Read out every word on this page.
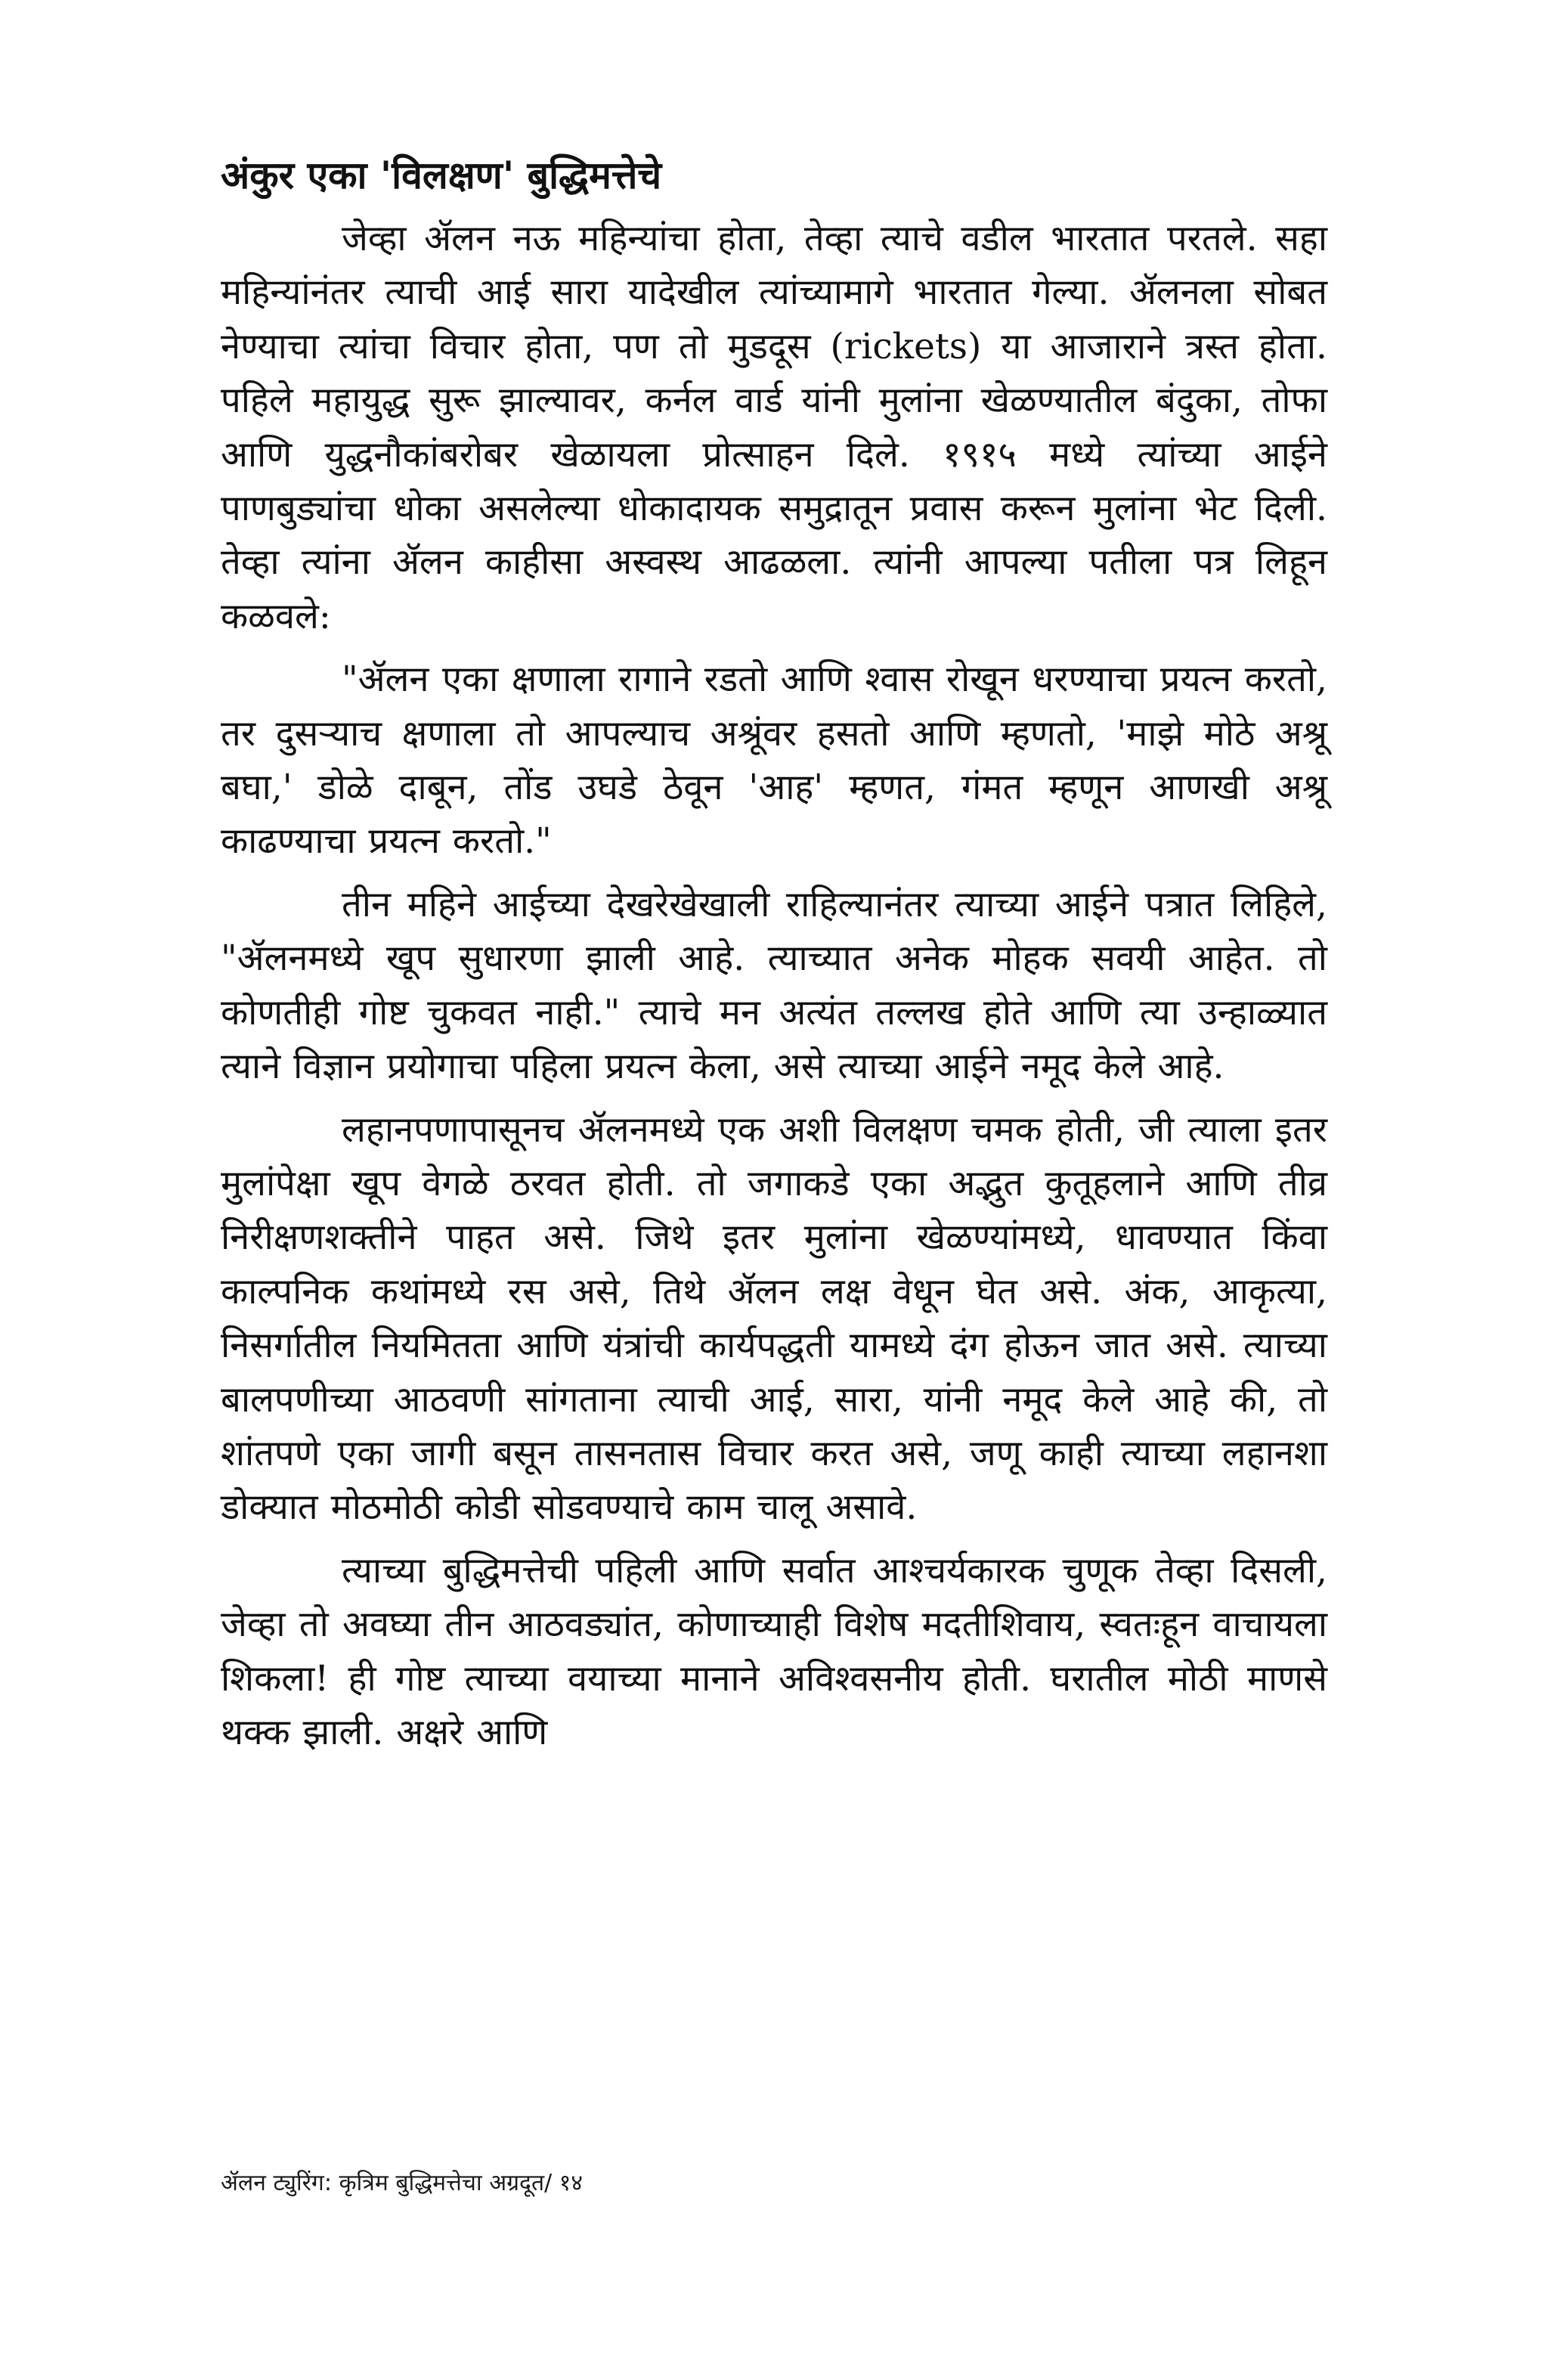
अंकुर एका 'विलक्षण' बुद्धिमत्तेचे

जेव्हा ॲलन नऊ महिन्यांचा होता, तेव्हा त्याचे वडील भारतात परतले. सहा महिन्यांनंतर त्याची आई सारा यादेखील त्यांच्यामागे भारतात गेल्या. ॲलनला सोबत नेण्याचा त्यांचा विचार होता, पण तो मुडदूस (rickets) या आजाराने त्रस्त होता. पहिले महायुद्ध सुरू झाल्यावर, कर्नल वार्ड यांनी मुलांना खेळण्यातील बंदुका, तोफा आणि युद्धनौकांबरोबर खेळायला प्रोत्साहन दिले. १९१५ मध्ये त्यांच्या आईने पाणबुड्यांचा धोका असलेल्या धोकादायक समुद्रातून प्रवास करून मुलांना भेट दिली. तेव्हा त्यांना ॲलन काहीसा अस्वस्थ आढळला. त्यांनी आपल्या पतीला पत्र लिहून कळवले:

"ॲलन एका क्षणाला रागाने रडतो आणि श्वास रोखून धरण्याचा प्रयत्न करतो, तर दुसऱ्याच क्षणाला तो आपल्याच अश्रूंवर हसतो आणि म्हणतो, 'माझे मोठे अश्रू बघा,' डोळे दाबून, तोंड उघडे ठेवून 'आह' म्हणत, गंमत म्हणून आणखी अश्रू काढण्याचा प्रयत्न करतो."

तीन महिने आईच्या देखरेखेखाली राहिल्यानंतर त्याच्या आईने पत्रात लिहिले, "ॲलनमध्ये खूप सुधारणा झाली आहे. त्याच्यात अनेक मोहक सवयी आहेत. तो कोणतीही गोष्ट चुकवत नाही." त्याचे मन अत्यंत तल्लख होते आणि त्या उन्हाळ्यात त्याने विज्ञान प्रयोगाचा पहिला प्रयत्न केला, असे त्याच्या आईने नमूद केले आहे.

लहानपणापासूनच ॲलनमध्ये एक अशी विलक्षण चमक होती, जी त्याला इतर मुलांपेक्षा खूप वेगळे ठरवत होती. तो जगाकडे एका अद्भुत कुतूहलाने आणि तीव्र निरीक्षणशक्तीने पाहत असे. जिथे इतर मुलांना खेळण्यांमध्ये, धावण्यात किंवा काल्पनिक कथांमध्ये रस असे, तिथे ॲलन लक्ष वेधून घेत असे. अंक, आकृत्या, निसर्गातील नियमितता आणि यंत्रांची कार्यपद्धती यामध्ये दंग होऊन जात असे. त्याच्या बालपणीच्या आठवणी सांगताना त्याची आई, सारा, यांनी नमूद केले आहे की, तो शांतपणे एका जागी बसून तासनतास विचार करत असे, जणू काही त्याच्या लहानशा डोक्यात मोठमोठी कोडी सोडवण्याचे काम चालू असावे.

त्याच्या बुद्धिमत्तेची पहिली आणि सर्वात आश्चर्यकारक चुणूक तेव्हा दिसली, जेव्हा तो अवघ्या तीन आठवड्यांत, कोणाच्याही विशेष मदतीशिवाय, स्वतःहून वाचायला शिकला! ही गोष्ट त्याच्या वयाच्या मानाने अविश्वसनीय होती. घरातील मोठी माणसे थक्क झाली. अक्षरे आणि

ॲलन ट्युरिंग: कृत्रिम बुद्धिमत्तेचा अग्रदूत/ १४
